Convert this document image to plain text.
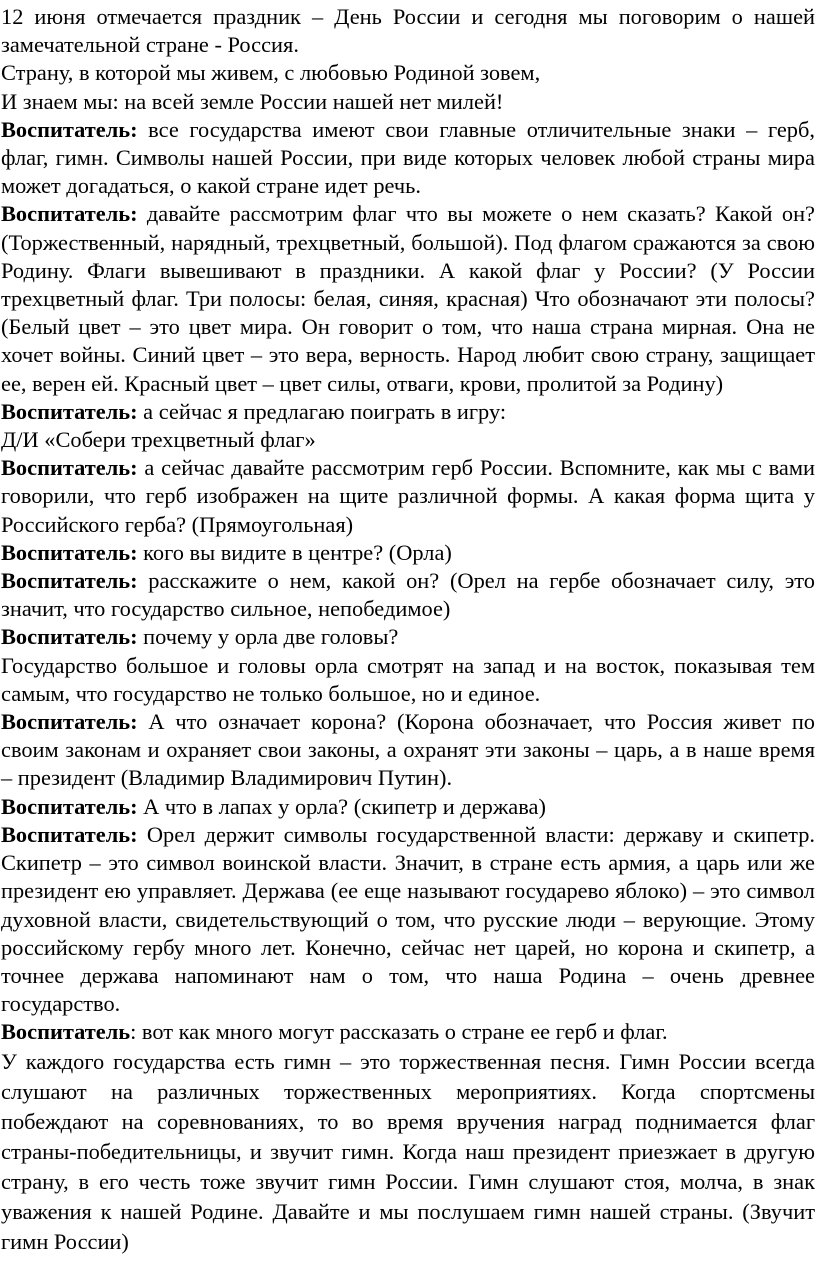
12 июня отмечается праздник – День России и сегодня мы поговорим о нашей замечательной стране - Россия.

Страну, в которой мы живем, с любовью Родиной зовем,

И знаем мы: на всей земле России нашей нет милей!

Воспитатель: все государства имеют свои главные отличительные знаки – герб, флаг, гимн. Символы нашей России, при виде которых человек любой страны мира может догадаться, о какой стране идет речь.

Воспитатель: давайте рассмотрим флаг что вы можете о нем сказать? Какой он? (Торжественный, нарядный, трехцветный, большой). Под флагом сражаются за свою Родину. Флаги вывешивают в праздники. А какой флаг у России? (У России трехцветный флаг. Три полосы: белая, синяя, красная) Что обозначают эти полосы? (Белый цвет – это цвет мира. Он говорит о том, что наша страна мирная. Она не хочет войны. Синий цвет – это вера, верность. Народ любит свою страну, защищает ее, верен ей. Красный цвет – цвет силы, отваги, крови, пролитой за Родину)

Воспитатель: а сейчас я предлагаю поиграть в игру:

Д/И «Собери трехцветный флаг»

Воспитатель: а сейчас давайте рассмотрим герб России. Вспомните, как мы с вами говорили, что герб изображен на щите различной формы. А какая форма щита у Российского герба? (Прямоугольная)

Воспитатель: кого вы видите в центре? (Орла)

Воспитатель: расскажите о нем, какой он? (Орел на гербе обозначает силу, это значит, что государство сильное, непобедимое)

Воспитатель: почему у орла две головы?

Государство большое и головы орла смотрят на запад и на восток, показывая тем самым, что государство не только большое, но и единое.

Воспитатель: А что означает корона? (Корона обозначает, что Россия живет по своим законам и охраняет свои законы, а охранят эти законы – царь, а в наше время – президент (Владимир Владимирович Путин).

Воспитатель: А что в лапах у орла? (скипетр и держава)

Воспитатель: Орел держит символы государственной власти: державу и скипетр. Скипетр – это символ воинской власти. Значит, в стране есть армия, а царь или же президент ею управляет. Держава (ее еще называют государево яблоко) – это символ духовной власти, свидетельствующий о том, что русские люди – верующие. Этому российскому гербу много лет. Конечно, сейчас нет царей, но корона и скипетр, а точнее держава напоминают нам о том, что наша Родина – очень древнее государство.

Воспитатель: вот как много могут рассказать о стране ее герб и флаг.

У каждого государства есть гимн – это торжественная песня. Гимн России всегда слушают на различных торжественных мероприятиях. Когда спортсмены побеждают на соревнованиях, то во время вручения наград поднимается флаг страны-победительницы, и звучит гимн. Когда наш президент приезжает в другую страну, в его честь тоже звучит гимн России. Гимн слушают стоя, молча, в знак уважения к нашей Родине. Давайте и мы послушаем гимн нашей страны. (Звучит гимн России)
